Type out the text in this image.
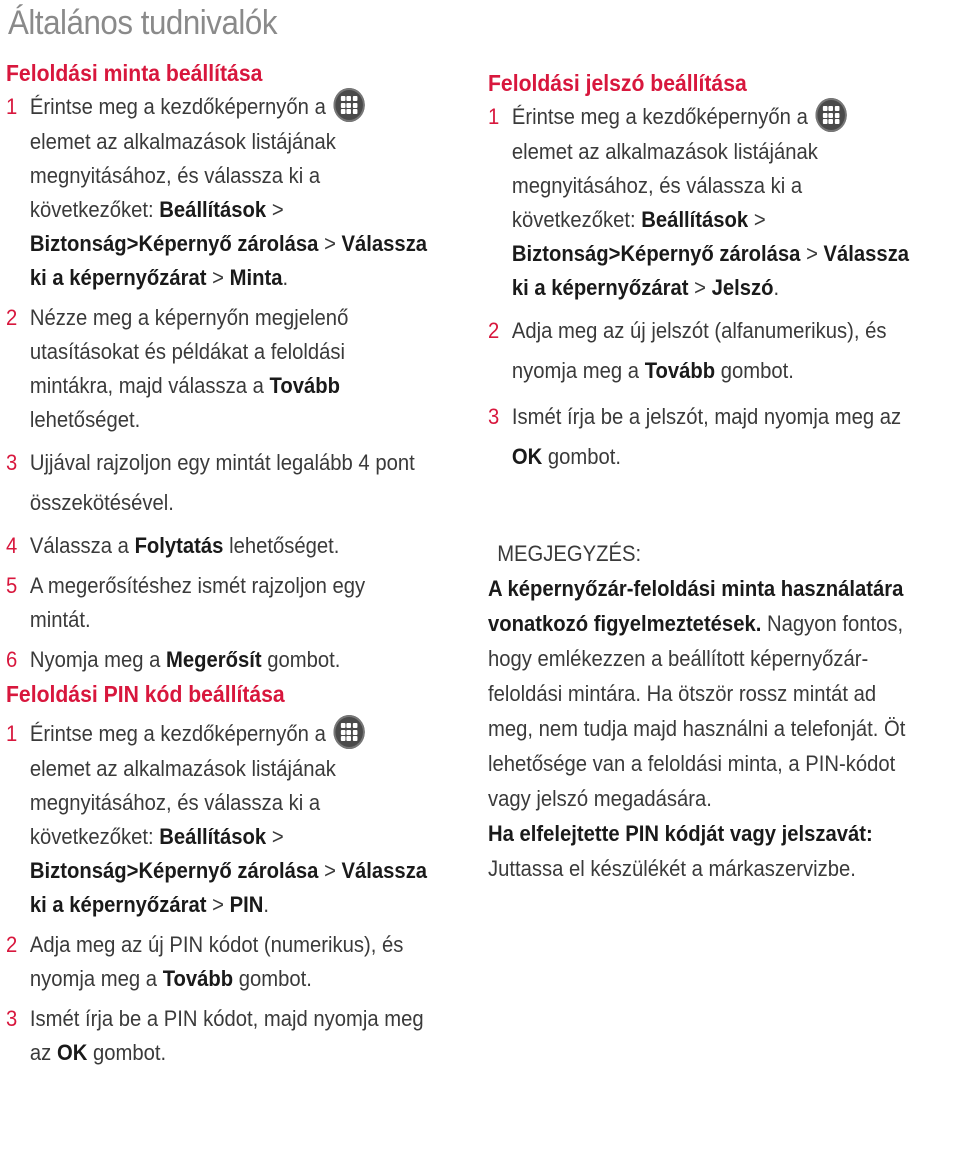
Általános tudnivalók
Feloldási minta beállítása
1 Érintse meg a kezdőképernyőn a

elemet az alkalmazások listájának megnyitásához, és válassza ki a következőket: Beállítások > Biztonság>Képernyő zárolása > Válassza ki a képernyőzárat > Minta.
2 Nézze meg a képernyőn megjelenő utasításokat és példákat a feloldási mintákra, majd válassza a Tovább lehetőséget.
3 Ujjával rajzoljon egy mintát legalább 4 pont összekötésével.
4 Válassza a Folytatás lehetőséget.
5 A megerősítéshez ismét rajzoljon egy mintát.
6 Nyomja meg a Megerősít gombot.
Feloldási PIN kód beállítása
1 Érintse meg a kezdőképernyőn a

elemet az alkalmazások listájának megnyitásához, és válassza ki a következőket: Beállítások > Biztonság>Képernyő zárolása > Válassza ki a képernyőzárat > PIN.
2 Adja meg az új PIN kódot (numerikus), és nyomja meg a Tovább gombot.
3 Ismét írja be a PIN kódot, majd nyomja meg az OK gombot.
Feloldási jelszó beállítása
1 Érintse meg a kezdőképernyőn a

elemet az alkalmazások listájának megnyitásához, és válassza ki a következőket: Beállítások > Biztonság>Képernyő zárolása > Válassza ki a képernyőzárat > Jelszó.
2 Adja meg az új jelszót (alfanumerikus), és nyomja meg a Tovább gombot.
3 Ismét írja be a jelszót, majd nyomja meg az OK gombot.
MEGJEGYZÉS:
A képernyőzár-feloldási minta használatára vonatkozó figyelmeztetések. Nagyon fontos, hogy emlékezzen a beállított képernyőzár-feloldási mintára. Ha ötször rossz mintát ad meg, nem tudja majd használni a telefonját. Öt lehetősége van a feloldási minta, a PIN-kódot vagy jelszó megadására.
Ha elfelejtette PIN kódját vagy jelszavát:
Juttassa el készülékét a márkaszervizbe.
